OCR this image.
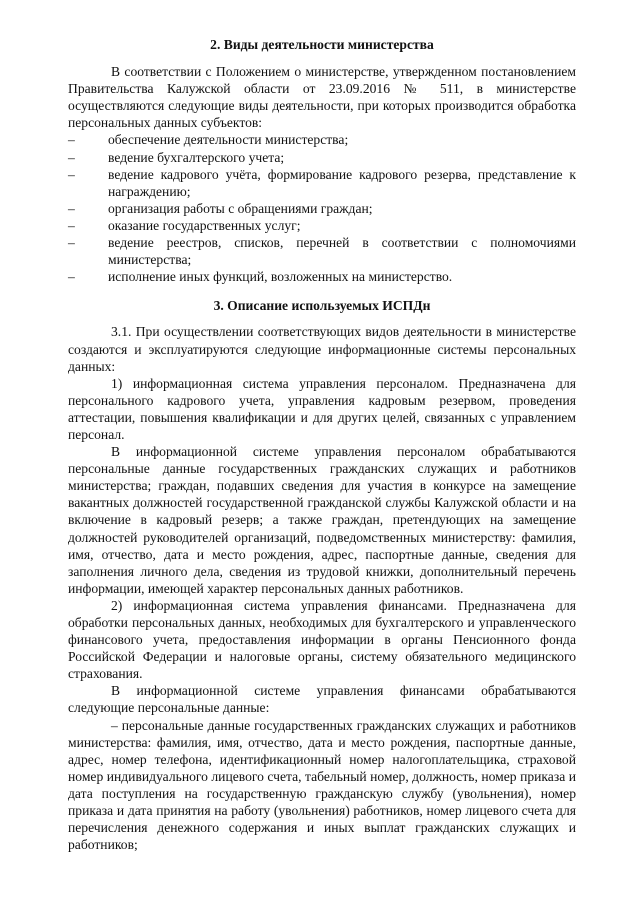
2. Виды деятельности министерства

В соответствии с Положением о министерстве, утвержденном постановлением Правительства Калужской области от 23.09.2016 № 511, в министерстве осуществляются следующие виды деятельности, при которых производится обработка персональных данных субъектов:

– обеспечение деятельности министерства;
– ведение бухгалтерского учета;
– ведение кадрового учёта, формирование кадрового резерва, представление к награждению;
– организация работы с обращениями граждан;
– оказание государственных услуг;
– ведение реестров, списков, перечней в соответствии с полномочиями министерства;
– исполнение иных функций, возложенных на министерство.
3. Описание используемых ИСПДн

3.1. При осуществлении соответствующих видов деятельности в министерстве создаются и эксплуатируются следующие информационные системы персональных данных:

1) информационная система управления персоналом. Предназначена для персонального кадрового учета, управления кадровым резервом, проведения аттестации, повышения квалификации и для других целей, связанных с управлением персонал.

В информационной системе управления персоналом обрабатываются персональные данные государственных гражданских служащих и работников министерства; граждан, подавших сведения для участия в конкурсе на замещение вакантных должностей государственной гражданской службы Калужской области и на включение в кадровый резерв; а также граждан, претендующих на замещение должностей руководителей организаций, подведомственных министерству: фамилия, имя, отчество, дата и место рождения, адрес, паспортные данные, сведения для заполнения личного дела, сведения из трудовой книжки, дополнительный перечень информации, имеющей характер персональных данных работников.

2) информационная система управления финансами. Предназначена для обработки персональных данных, необходимых для бухгалтерского и управленческого финансового учета, предоставления информации в органы Пенсионного фонда Российской Федерации и налоговые органы, систему обязательного медицинского страхования.

В информационной системе управления финансами обрабатываются следующие персональные данные:

– персональные данные государственных гражданских служащих и работников министерства: фамилия, имя, отчество, дата и место рождения, паспортные данные, адрес, номер телефона, идентификационный номер налогоплательщика, страховой номер индивидуального лицевого счета, табельный номер, должность, номер приказа и дата поступления на государственную гражданскую службу (увольнения), номер приказа и дата принятия на работу (увольнения) работников, номер лицевого счета для перечисления денежного содержания и иных выплат гражданских служащих и работников;
